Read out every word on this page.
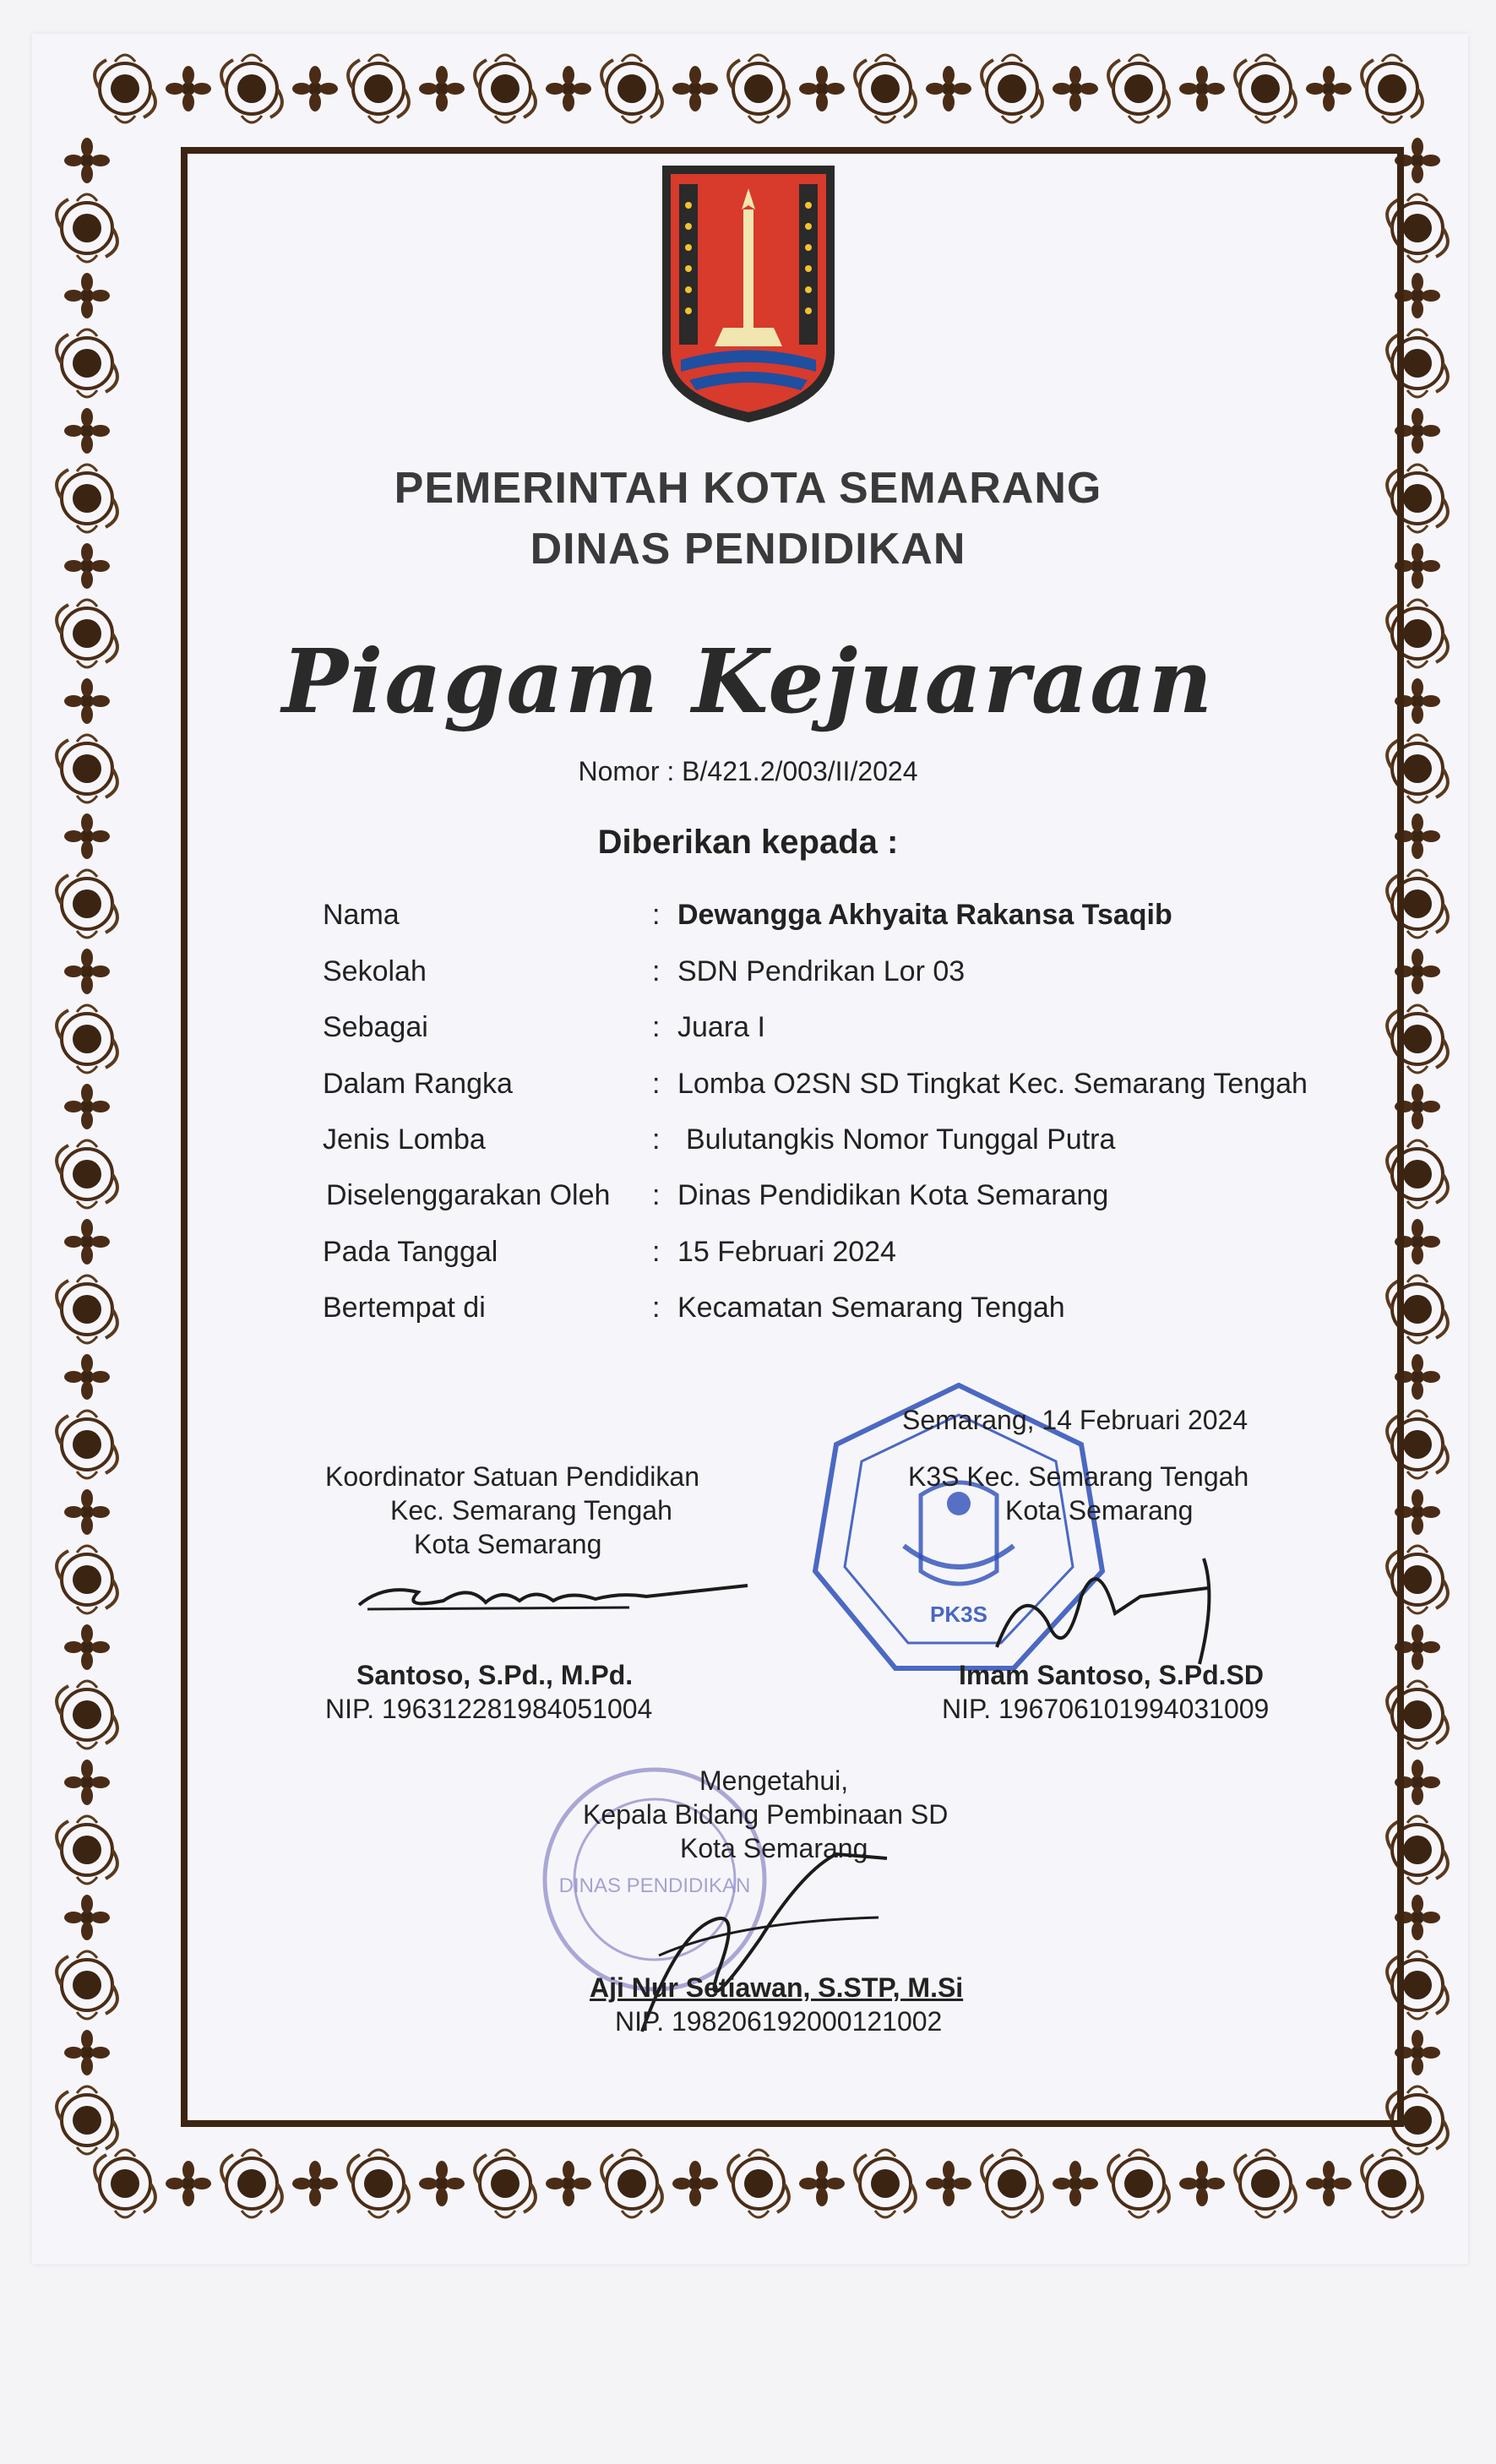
PEMERINTAH KOTA SEMARANG
DINAS PENDIDIKAN
Piagam Kejuaraan
Nomor : B/421.2/003/II/2024
Diberikan kepada :
Nama	: Dewangga Akhyaita Rakansa Tsaqib
Sekolah	: SDN Pendrikan Lor 03
Sebagai	: Juara I
Dalam Rangka	: Lomba O2SN SD Tingkat Kec. Semarang Tengah
Jenis Lomba	: Bulutangkis Nomor Tunggal Putra
Diselenggarakan Oleh : Dinas Pendidikan Kota Semarang
Pada Tanggal	: 15 Februari 2024
Bertempat di	: Kecamatan Semarang Tengah
PK3S
DINAS PENDIDIKAN
Koordinator Satuan Pendidikan
Kec. Semarang Tengah
Kota Semarang
Santoso, S.Pd., M.Pd.
NIP. 196312281984051004
Semarang, 14 Februari 2024
K3S Kec. Semarang Tengah
Kota Semarang
Imam Santoso, S.Pd.SD
NIP. 196706101994031009
Mengetahui,
Kepala Bidang Pembinaan SD
Kota Semarang
Aji Nur Setiawan, S.STP, M.Si
NIP. 198206192000121002
